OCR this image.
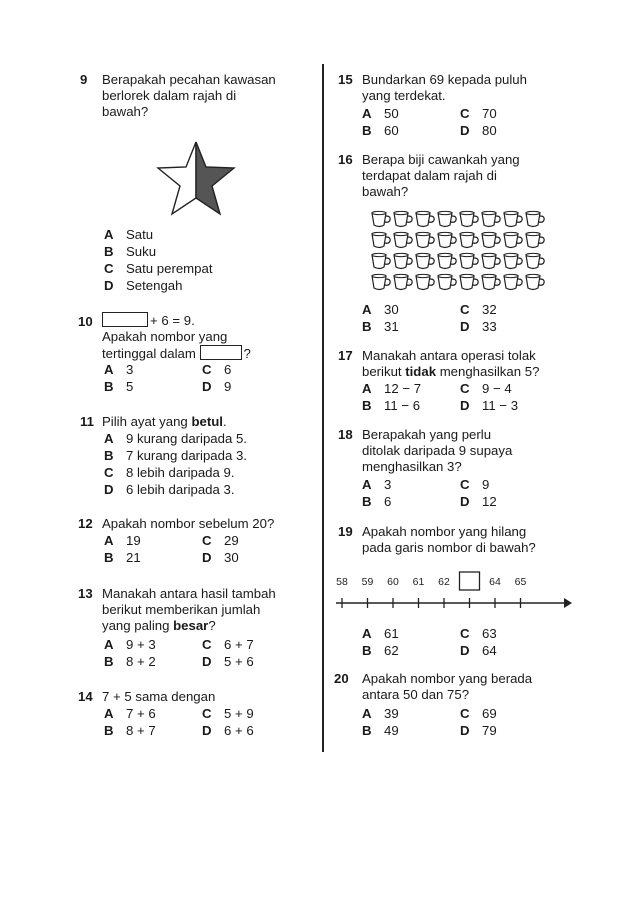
9 Berapakah pecahan kawasan
berlorek dalam rajah di
bawah?
A Satu
B Suku
C Satu perempat
D Setengah
10	+ 6 = 9.
Apakah nombor yang
tertinggal dalam	?
A 3
B 5
C 6
D 9
11 Pilih ayat yang betul.
A 9 kurang daripada 5.
B 7 kurang daripada 3.
C 8 lebih daripada 9.
D 6 lebih daripada 3.
12 Apakah nombor sebelum 20?
A 19
B 21
C 29
D 30
13 Manakah antara hasil tambah
berikut memberikan jumlah
yang paling besar?
A 9 + 3
B 8 + 2
C 6 + 7
D 5 + 6
14 7 + 5 sama dengan
A 7 + 6
B 8 + 7
C 5 + 9
D 6 + 6
15 Bundarkan 69 kepada puluh
yang terdekat.
A 50
B 60
C 70
D 80
16 Berapa biji cawankah yang
terdapat dalam rajah di
bawah?
A 30
B 31
C 32
D 33
17 Manakah antara operasi tolak
berikut tidak menghasilkan 5?
A 12 − 7
B 11 − 6
C 9 − 4
D 11 − 3
18 Berapakah yang perlu
ditolak daripada 9 supaya
menghasilkan 3?
A 3
B 6
C 9
D 12
19 Apakah nombor yang hilang
pada garis nombor di bawah?
58 59 60 61 62	64 65
A 61
B 62
C 63
D 64
20 Apakah nombor yang berada
antara 50 dan 75?
A 39
B 49
C 69
D 79
